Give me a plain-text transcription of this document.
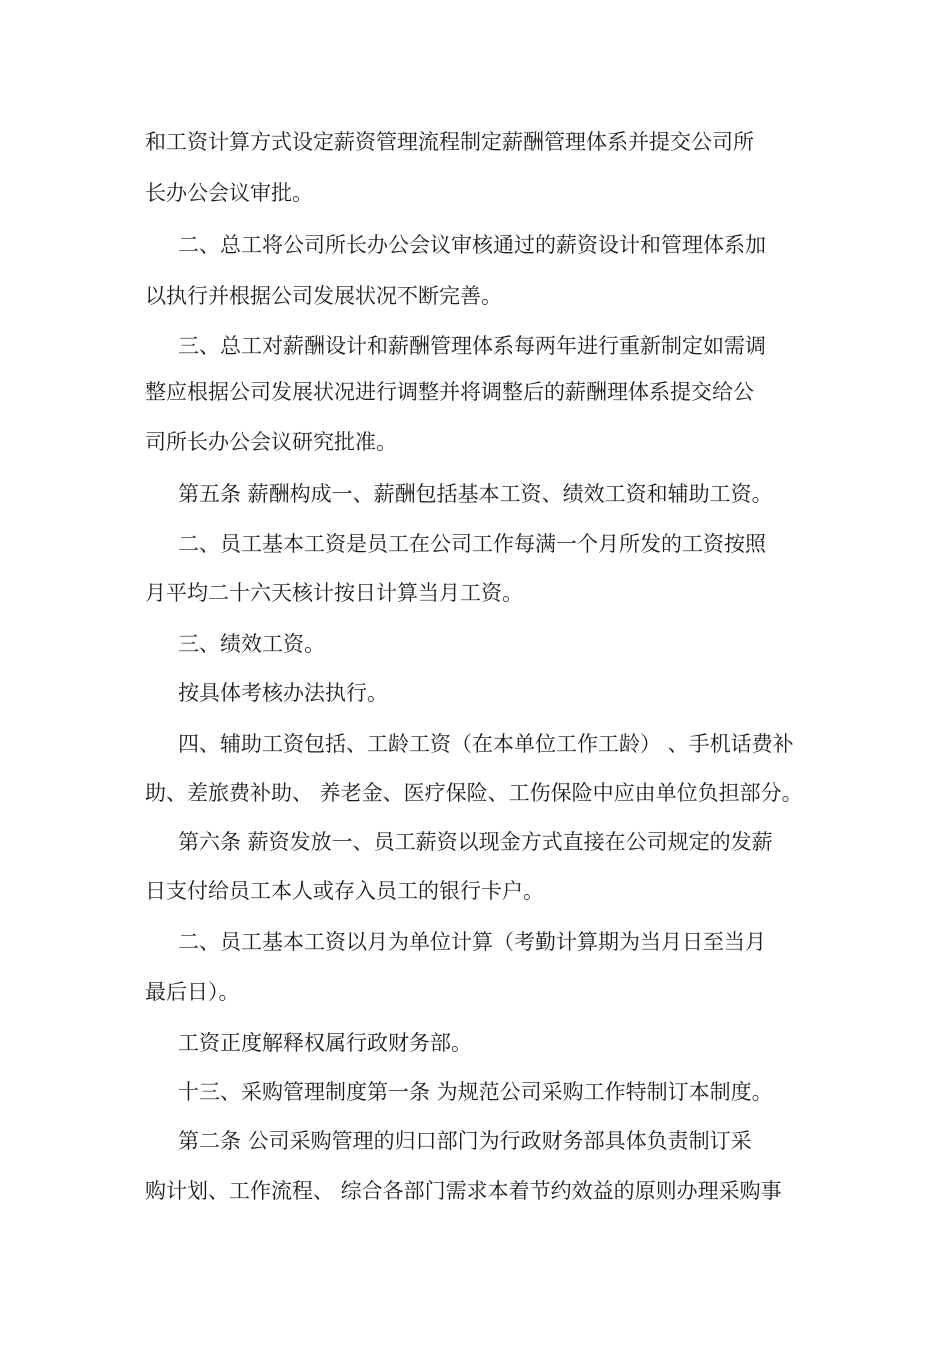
和工资计算方式设定薪资管理流程制定薪酬管理体系并提交公司所

长办公会议审批。

二、总工将公司所长办公会议审核通过的薪资设计和管理体系加

以执行并根据公司发展状况不断完善。

三、总工对薪酬设计和薪酬管理体系每两年进行重新制定如需调

整应根据公司发展状况进行调整并将调整后的薪酬理体系提交给公

司所长办公会议研究批准。

第五条 薪酬构成一、薪酬包括基本工资、绩效工资和辅助工资。

二、员工基本工资是员工在公司工作每满一个月所发的工资按照

月平均二十六天核计按日计算当月工资。

三、绩效工资。

按具体考核办法执行。

四、辅助工资包括、工龄工资（在本单位工作工龄） 、手机话费补

助、差旅费补助、 养老金、医疗保险、工伤保险中应由单位负担部分。

第六条 薪资发放一、员工薪资以现金方式直接在公司规定的发薪

日支付给员工本人或存入员工的银行卡户。

二、员工基本工资以月为单位计算（考勤计算期为当月日至当月

最后日）。

工资正度解释权属行政财务部。

十三、采购管理制度第一条 为规范公司采购工作特制订本制度。

第二条 公司采购管理的归口部门为行政财务部具体负责制订采

购计划、工作流程、 综合各部门需求本着节约效益的原则办理采购事
